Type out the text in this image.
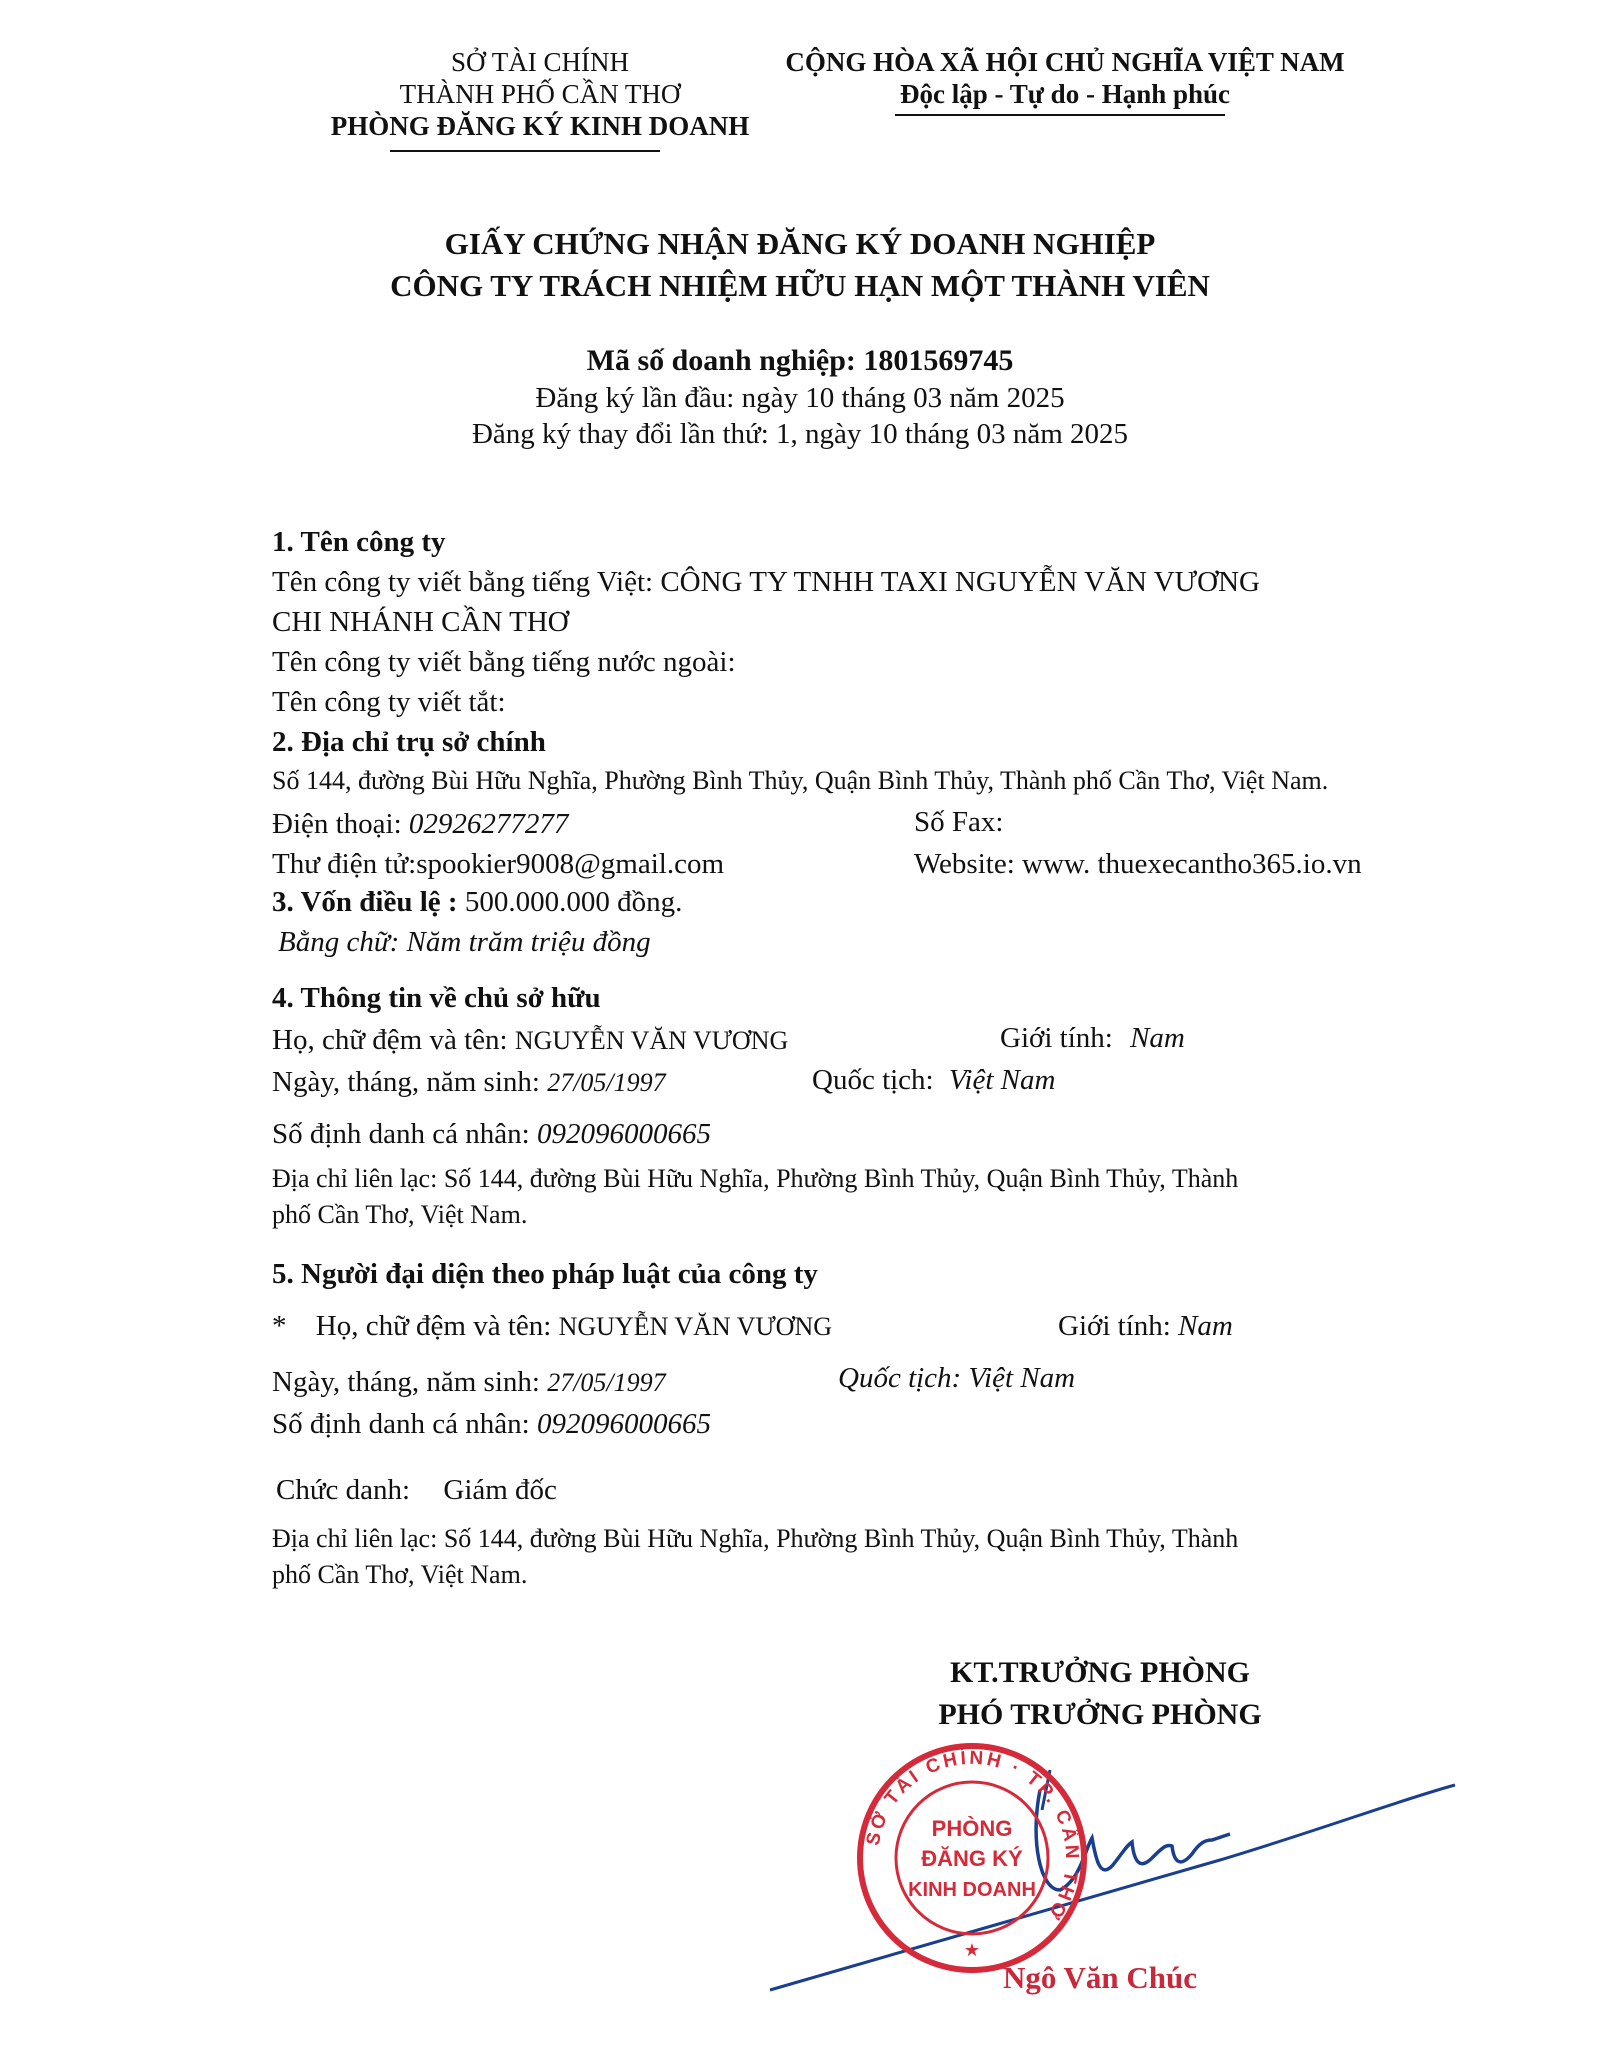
SỞ TÀI CHÍNH
THÀNH PHỐ CẦN THƠ
PHÒNG ĐĂNG KÝ KINH DOANH
CỘNG HÒA XÃ HỘI CHỦ NGHĨA VIỆT NAM
Độc lập - Tự do - Hạnh phúc
GIẤY CHỨNG NHẬN ĐĂNG KÝ DOANH NGHIỆP
CÔNG TY TRÁCH NHIỆM HỮU HẠN MỘT THÀNH VIÊN
Mã số doanh nghiệp: 1801569745
Đăng ký lần đầu: ngày 10 tháng 03 năm 2025
Đăng ký thay đổi lần thứ: 1, ngày 10 tháng 03 năm 2025
1. Tên công ty
Tên công ty viết bằng tiếng Việt: CÔNG TY TNHH TAXI NGUYỄN VĂN VƯƠNG
CHI NHÁNH CẦN THƠ
Tên công ty viết bằng tiếng nước ngoài:
Tên công ty viết tắt:
2. Địa chỉ trụ sở chính
Số 144, đường Bùi Hữu Nghĩa, Phường Bình Thủy, Quận Bình Thủy, Thành phố Cần Thơ, Việt Nam.
Điện thoại: 02926277277	Số Fax:
Thư điện tử:spookier9008@gmail.com	Website: www. thuexecantho365.io.vn
3. Vốn điều lệ : 500.000.000 đồng.
Bằng chữ: Năm trăm triệu đồng
4. Thông tin về chủ sở hữu
Họ, chữ đệm và tên: NGUYỄN VĂN VƯƠNG	Giới tính: Nam
Ngày, tháng, năm sinh: 27/05/1997	Quốc tịch: Việt Nam
Số định danh cá nhân: 092096000665
Địa chỉ liên lạc: Số 144, đường Bùi Hữu Nghĩa, Phường Bình Thủy, Quận Bình Thủy, Thành
phố Cần Thơ, Việt Nam.
5. Người đại diện theo pháp luật của công ty
* Họ, chữ đệm và tên: NGUYỄN VĂN VƯƠNG	Giới tính: Nam
Ngày, tháng, năm sinh: 27/05/1997	Quốc tịch: Việt Nam
Số định danh cá nhân: 092096000665
Chức danh: Giám đốc
Địa chỉ liên lạc: Số 144, đường Bùi Hữu Nghĩa, Phường Bình Thủy, Quận Bình Thủy, Thành
phố Cần Thơ, Việt Nam.
KT.TRƯỞNG PHÒNG
PHÓ TRƯỞNG PHÒNG
SỞ TÀI CHÍNH · TP. CẦN THƠ
PHÒNG
ĐĂNG KÝ
KINH DOANH
★
Ngô Văn Chúc
